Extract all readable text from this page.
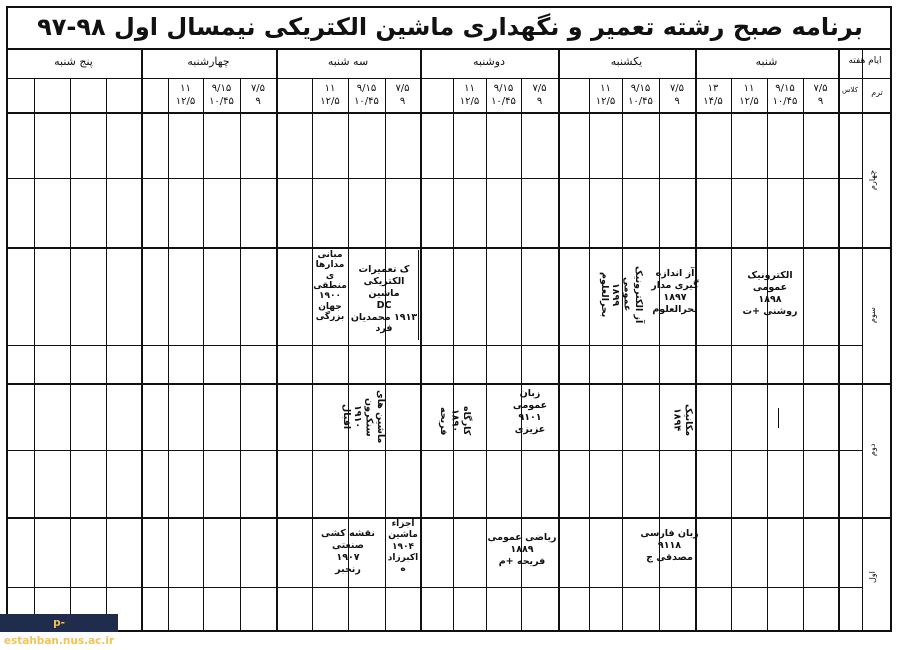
برنامه صبح رشته تعمیر و نگهداری ماشین الکتریکی نیمسال اول ۹۸-۹۷
ایام هفته
ترم
کلاس
شنبه
یکشنبه
دوشنبه
سه شنبه
چهارشنبه
پنج شنبه
۷/۵
۹
۹/۱۵
۱۰/۴۵
۱۱
۱۲/۵
۱۳
۱۴/۵
۷/۵
۹
۹/۱۵
۱۰/۴۵
۱۱
۱۲/۵
۷/۵
۹
۹/۱۵
۱۰/۴۵
۱۱
۱۲/۵
۷/۵
۹
۹/۱۵
۱۰/۴۵
۱۱
۱۲/۵
۷/۵
۹
۹/۱۵
۱۰/۴۵
۱۱
۱۲/۵
چهارم
سوم
دوم
اول
الکترونیک
عمومی
۱۸۹۸
روشنی +ت
آز اندازه
گیری مدار
۱۸۹۷
بحرالعلوم
آز الکترونیک عمومی
۱۸۹۹
بحرالعلوم
ک تعمیرات
الکتریکی ماشین
DC
۱۹۱۳ محمدیان
فرد
مبانی
مدارها
ی
منطقی
۱۹۰۰
جهان
بزرگی
مکانیک
۱۸۹۴
زبان
عمومی
۹۱۰۱
عزیزی
کارگاه
۱۸۹۰
فریحه
ماشین های
سنکرون
۱۹۱۰
اقبال
زبان فارسی
۹۱۱۸
مصدقی ج
ریاضی عمومی
۱۸۸۹
فریحه +م
اجزاء
ماشین
۱۹۰۴
اکبرزاد
ه
نقشه کشی
صنعتی
۱۹۰۷
رنجبر
p-estahban.nus.ac.ir
